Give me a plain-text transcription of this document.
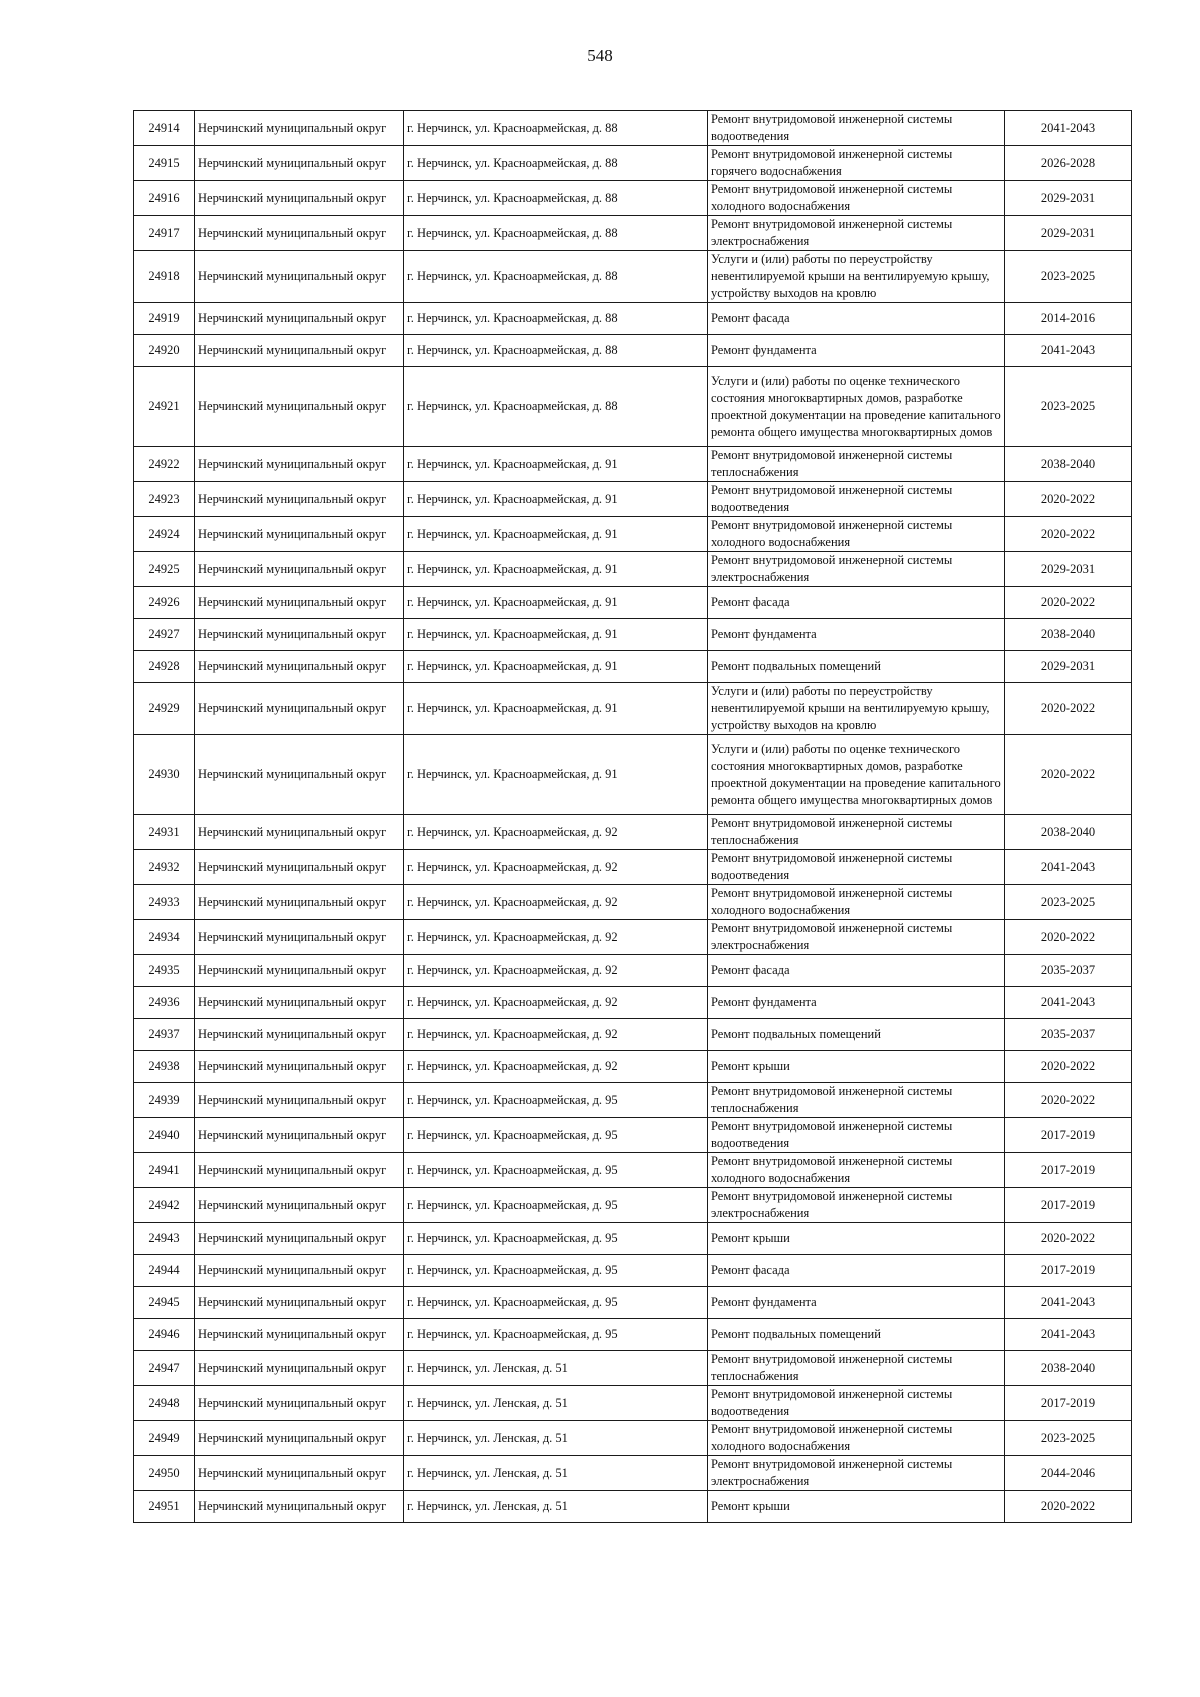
548
24914	Нерчинский муниципальный округ	г. Нерчинск, ул. Красноармейская, д. 88	Ремонт внутридомовой инженерной системы водоотведения	2041-2043
24915	Нерчинский муниципальный округ	г. Нерчинск, ул. Красноармейская, д. 88	Ремонт внутридомовой инженерной системы горячего водоснабжения	2026-2028
24916	Нерчинский муниципальный округ	г. Нерчинск, ул. Красноармейская, д. 88	Ремонт внутридомовой инженерной системы холодного водоснабжения	2029-2031
24917	Нерчинский муниципальный округ	г. Нерчинск, ул. Красноармейская, д. 88	Ремонт внутридомовой инженерной системы электроснабжения	2029-2031
24918	Нерчинский муниципальный округ	г. Нерчинск, ул. Красноармейская, д. 88	Услуги и (или) работы по переустройству невентилируемой крыши на вентилируемую крышу, устройству выходов на кровлю	2023-2025
24919	Нерчинский муниципальный округ	г. Нерчинск, ул. Красноармейская, д. 88	Ремонт фасада	2014-2016
24920	Нерчинский муниципальный округ	г. Нерчинск, ул. Красноармейская, д. 88	Ремонт фундамента	2041-2043
24921	Нерчинский муниципальный округ	г. Нерчинск, ул. Красноармейская, д. 88	Услуги и (или) работы по оценке технического состояния многоквартирных домов, разработке проектной документации на проведение капитального ремонта общего имущества многоквартирных домов	2023-2025
24922	Нерчинский муниципальный округ	г. Нерчинск, ул. Красноармейская, д. 91	Ремонт внутридомовой инженерной системы теплоснабжения	2038-2040
24923	Нерчинский муниципальный округ	г. Нерчинск, ул. Красноармейская, д. 91	Ремонт внутридомовой инженерной системы водоотведения	2020-2022
24924	Нерчинский муниципальный округ	г. Нерчинск, ул. Красноармейская, д. 91	Ремонт внутридомовой инженерной системы холодного водоснабжения	2020-2022
24925	Нерчинский муниципальный округ	г. Нерчинск, ул. Красноармейская, д. 91	Ремонт внутридомовой инженерной системы электроснабжения	2029-2031
24926	Нерчинский муниципальный округ	г. Нерчинск, ул. Красноармейская, д. 91	Ремонт фасада	2020-2022
24927	Нерчинский муниципальный округ	г. Нерчинск, ул. Красноармейская, д. 91	Ремонт фундамента	2038-2040
24928	Нерчинский муниципальный округ	г. Нерчинск, ул. Красноармейская, д. 91	Ремонт подвальных помещений	2029-2031
24929	Нерчинский муниципальный округ	г. Нерчинск, ул. Красноармейская, д. 91	Услуги и (или) работы по переустройству невентилируемой крыши на вентилируемую крышу, устройству выходов на кровлю	2020-2022
24930	Нерчинский муниципальный округ	г. Нерчинск, ул. Красноармейская, д. 91	Услуги и (или) работы по оценке технического состояния многоквартирных домов, разработке проектной документации на проведение капитального ремонта общего имущества многоквартирных домов	2020-2022
24931	Нерчинский муниципальный округ	г. Нерчинск, ул. Красноармейская, д. 92	Ремонт внутридомовой инженерной системы теплоснабжения	2038-2040
24932	Нерчинский муниципальный округ	г. Нерчинск, ул. Красноармейская, д. 92	Ремонт внутридомовой инженерной системы водоотведения	2041-2043
24933	Нерчинский муниципальный округ	г. Нерчинск, ул. Красноармейская, д. 92	Ремонт внутридомовой инженерной системы холодного водоснабжения	2023-2025
24934	Нерчинский муниципальный округ	г. Нерчинск, ул. Красноармейская, д. 92	Ремонт внутридомовой инженерной системы электроснабжения	2020-2022
24935	Нерчинский муниципальный округ	г. Нерчинск, ул. Красноармейская, д. 92	Ремонт фасада	2035-2037
24936	Нерчинский муниципальный округ	г. Нерчинск, ул. Красноармейская, д. 92	Ремонт фундамента	2041-2043
24937	Нерчинский муниципальный округ	г. Нерчинск, ул. Красноармейская, д. 92	Ремонт подвальных помещений	2035-2037
24938	Нерчинский муниципальный округ	г. Нерчинск, ул. Красноармейская, д. 92	Ремонт крыши	2020-2022
24939	Нерчинский муниципальный округ	г. Нерчинск, ул. Красноармейская, д. 95	Ремонт внутридомовой инженерной системы теплоснабжения	2020-2022
24940	Нерчинский муниципальный округ	г. Нерчинск, ул. Красноармейская, д. 95	Ремонт внутридомовой инженерной системы водоотведения	2017-2019
24941	Нерчинский муниципальный округ	г. Нерчинск, ул. Красноармейская, д. 95	Ремонт внутридомовой инженерной системы холодного водоснабжения	2017-2019
24942	Нерчинский муниципальный округ	г. Нерчинск, ул. Красноармейская, д. 95	Ремонт внутридомовой инженерной системы электроснабжения	2017-2019
24943	Нерчинский муниципальный округ	г. Нерчинск, ул. Красноармейская, д. 95	Ремонт крыши	2020-2022
24944	Нерчинский муниципальный округ	г. Нерчинск, ул. Красноармейская, д. 95	Ремонт фасада	2017-2019
24945	Нерчинский муниципальный округ	г. Нерчинск, ул. Красноармейская, д. 95	Ремонт фундамента	2041-2043
24946	Нерчинский муниципальный округ	г. Нерчинск, ул. Красноармейская, д. 95	Ремонт подвальных помещений	2041-2043
24947	Нерчинский муниципальный округ	г. Нерчинск, ул. Ленская, д. 51	Ремонт внутридомовой инженерной системы теплоснабжения	2038-2040
24948	Нерчинский муниципальный округ	г. Нерчинск, ул. Ленская, д. 51	Ремонт внутридомовой инженерной системы водоотведения	2017-2019
24949	Нерчинский муниципальный округ	г. Нерчинск, ул. Ленская, д. 51	Ремонт внутридомовой инженерной системы холодного водоснабжения	2023-2025
24950	Нерчинский муниципальный округ	г. Нерчинск, ул. Ленская, д. 51	Ремонт внутридомовой инженерной системы электроснабжения	2044-2046
24951	Нерчинский муниципальный округ	г. Нерчинск, ул. Ленская, д. 51	Ремонт крыши	2020-2022
